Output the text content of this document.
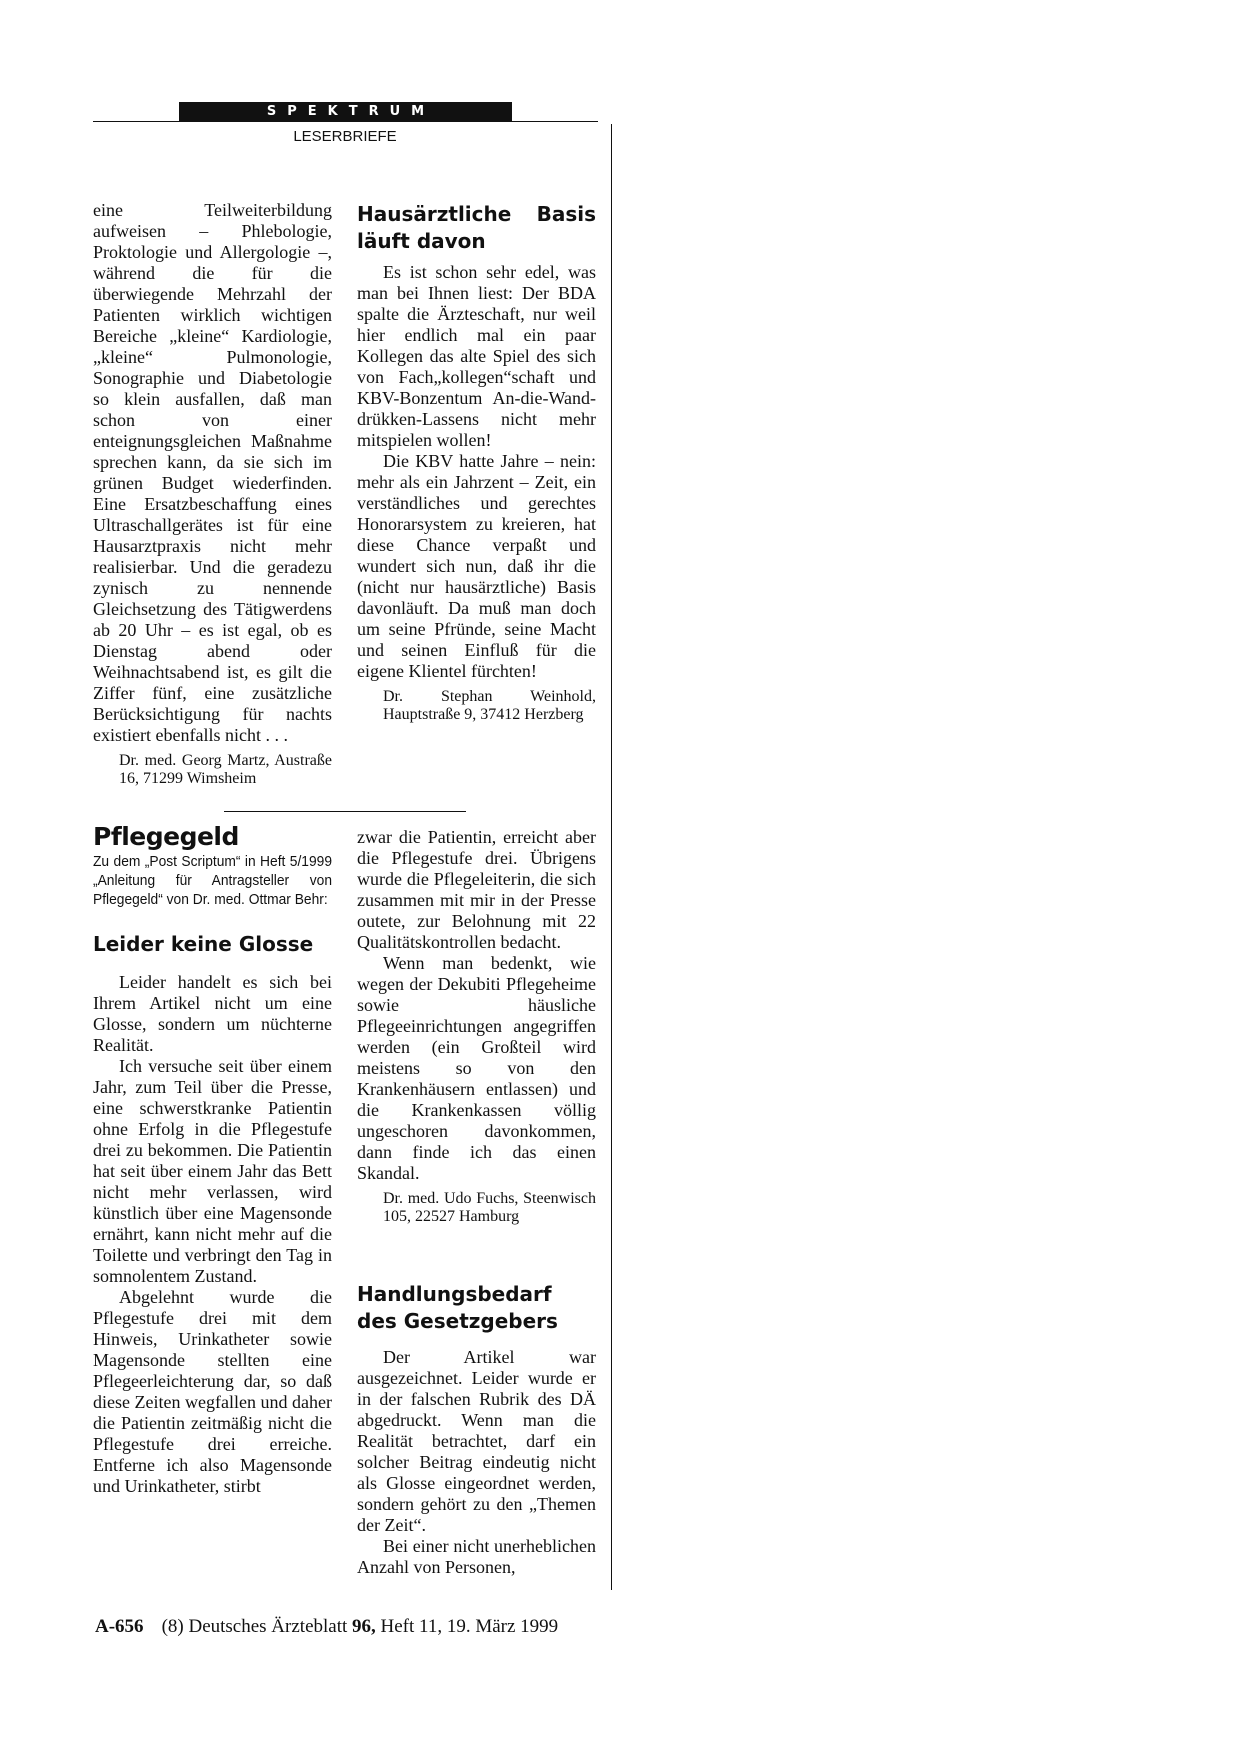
SPEKTRUM
LESERBRIEFE

eine Teilweiterbildung aufweisen – Phlebologie, Proktologie und Allergologie –, während die für die überwiegende Mehrzahl der Patienten wirklich wichtigen Bereiche „kleine“ Kardiologie, „kleine“ Pulmonologie, Sonographie und Diabetologie so klein ausfallen, daß man schon von einer enteignungsgleichen Maßnahme sprechen kann, da sie sich im grünen Budget wiederfinden. Eine Ersatzbeschaffung eines Ultraschallgerätes ist für eine Hausarztpraxis nicht mehr realisierbar. Und die geradezu zynisch zu nennende Gleichsetzung des Tätigwerdens ab 20 Uhr – es ist egal, ob es Dienstag abend oder Weihnachtsabend ist, es gilt die Ziffer fünf, eine zusätzliche Berücksichtigung für nachts existiert ebenfalls nicht . . .

Dr. med. Georg Martz, Austraße 16, 71299 Wimsheim

Hausärztliche Basis läuft davon

Es ist schon sehr edel, was man bei Ihnen liest: Der BDA spalte die Ärzteschaft, nur weil hier endlich mal ein paar Kollegen das alte Spiel des sich von Fach„kollegen“schaft und KBV-Bonzentum An-die-Wand-drükken-Lassens nicht mehr mitspielen wollen!

Die KBV hatte Jahre – nein: mehr als ein Jahrzent – Zeit, ein verständliches und gerechtes Honorarsystem zu kreieren, hat diese Chance verpaßt und wundert sich nun, daß ihr die (nicht nur hausärztliche) Basis davonläuft. Da muß man doch um seine Pfründe, seine Macht und seinen Einfluß für die eigene Klientel fürchten!

Dr. Stephan Weinhold, Hauptstraße 9, 37412 Herzberg

Pflegegeld

Zu dem „Post Scriptum“ in Heft 5/1999 „Anleitung für Antragsteller von Pflegegeld“ von Dr. med. Ottmar Behr:

Leider keine Glosse

Leider handelt es sich bei Ihrem Artikel nicht um eine Glosse, sondern um nüchterne Realität.

Ich versuche seit über einem Jahr, zum Teil über die Presse, eine schwerstkranke Patientin ohne Erfolg in die Pflegestufe drei zu bekommen. Die Patientin hat seit über einem Jahr das Bett nicht mehr verlassen, wird künstlich über eine Magensonde ernährt, kann nicht mehr auf die Toilette und verbringt den Tag in somnolentem Zustand.

Abgelehnt wurde die Pflegestufe drei mit dem Hinweis, Urinkatheter sowie Magensonde stellten eine Pflegeerleichterung dar, so daß diese Zeiten wegfallen und daher die Patientin zeitmäßig nicht die Pflegestufe drei erreiche. Entferne ich also Magensonde und Urinkatheter, stirbt

zwar die Patientin, erreicht aber die Pflegestufe drei. Übrigens wurde die Pflegeleiterin, die sich zusammen mit mir in der Presse outete, zur Belohnung mit 22 Qualitätskontrollen bedacht.

Wenn man bedenkt, wie wegen der Dekubiti Pflegeheime sowie häusliche Pflegeeinrichtungen angegriffen werden (ein Großteil wird meistens so von den Krankenhäusern entlassen) und die Krankenkassen völlig ungeschoren davonkommen, dann finde ich das einen Skandal.

Dr. med. Udo Fuchs, Steenwisch 105, 22527 Hamburg

Handlungsbedarf des Gesetzgebers

Der Artikel war ausgezeichnet. Leider wurde er in der falschen Rubrik des DÄ abgedruckt. Wenn man die Realität betrachtet, darf ein solcher Beitrag eindeutig nicht als Glosse eingeordnet werden, sondern gehört zu den „Themen der Zeit“.

Bei einer nicht unerheblichen Anzahl von Personen,

A-656 (8) Deutsches Ärzteblatt 96, Heft 11, 19. März 1999
